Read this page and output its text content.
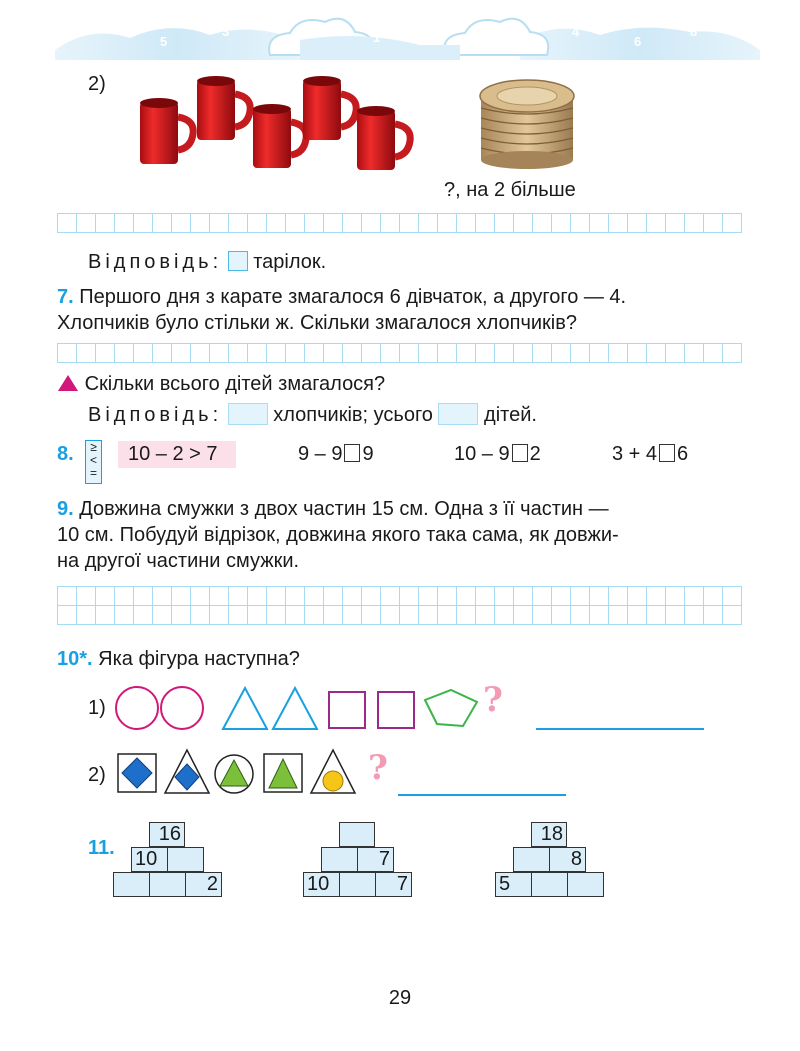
7
5
3	1
0
2	4
6
8
2)
?, на 2 більше
Відповідь: тарілок.
7. Першого дня з карате змагалося 6 дівчаток, а другого — 4.
Хлопчиків було стільки ж. Скільки змагалося хлопчиків?
Скільки всього дітей змагалося?
Відповідь:	хлопчиків; усього	дітей.
8.	≥
<
=
10 – 2 > 7	9 – 9 9	10 – 9 2	3 + 4 6
9. Довжина смужки з двох частин 15 см. Одна з її частин —
10 см. Побудуй відрізок, довжина якого така сама, як довжи-
на другої частини смужки.
10*. Яка фігура наступна?
1)	?
2)	?
11.
16
10
2
7
10	7
18
8
5
29
